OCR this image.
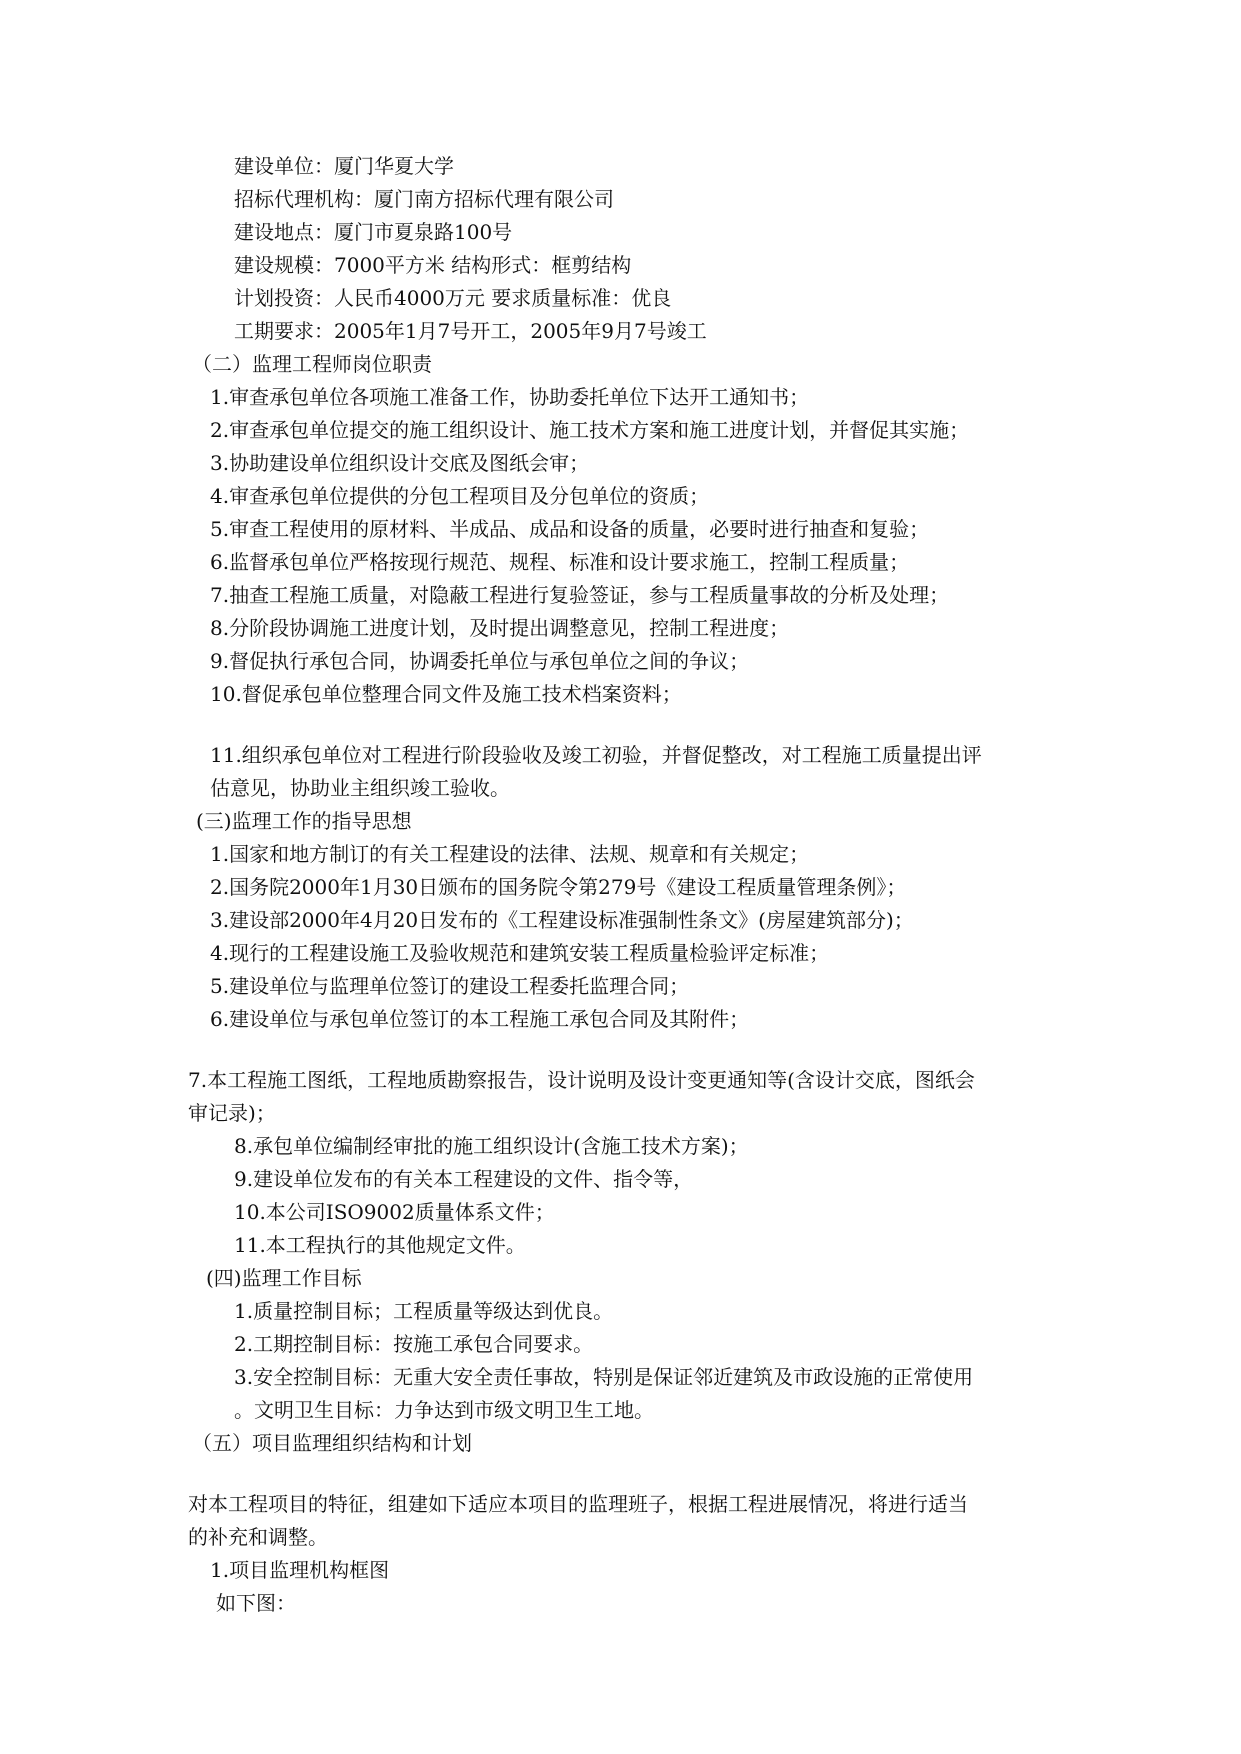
建设单位：厦门华夏大学
招标代理机构：厦门南方招标代理有限公司
建设地点：厦门市夏泉路100号
建设规模：7000平方米 结构形式：框剪结构
计划投资：人民币4000万元 要求质量标准：优良
工期要求：2005年1月7号开工，2005年9月7号竣工
（二）监理工程师岗位职责
1.审查承包单位各项施工准备工作，协助委托单位下达开工通知书；
2.审查承包单位提交的施工组织设计、施工技术方案和施工进度计划，并督促其实施；
3.协助建设单位组织设计交底及图纸会审；
4.审查承包单位提供的分包工程项目及分包单位的资质；
5.审查工程使用的原材料、半成品、成品和设备的质量，必要时进行抽查和复验；
6.监督承包单位严格按现行规范、规程、标准和设计要求施工，控制工程质量；
7.抽查工程施工质量，对隐蔽工程进行复验签证，参与工程质量事故的分析及处理；
8.分阶段协调施工进度计划，及时提出调整意见，控制工程进度；
9.督促执行承包合同，协调委托单位与承包单位之间的争议；
10.督促承包单位整理合同文件及施工技术档案资料；
11.组织承包单位对工程进行阶段验收及竣工初验，并督促整改，对工程施工质量提出评
估意见，协助业主组织竣工验收。
(三)监理工作的指导思想
1.国家和地方制订的有关工程建设的法律、法规、规章和有关规定；
2.国务院2000年1月30日颁布的国务院令第279号《建设工程质量管理条例》；
3.建设部2000年4月20日发布的《工程建设标准强制性条文》(房屋建筑部分)；
4.现行的工程建设施工及验收规范和建筑安装工程质量检验评定标准；
5.建设单位与监理单位签订的建设工程委托监理合同；
6.建设单位与承包单位签订的本工程施工承包合同及其附件；
7.本工程施工图纸，工程地质勘察报告，设计说明及设计变更通知等(含设计交底，图纸会
审记录)；
8.承包单位编制经审批的施工组织设计(含施工技术方案)；
9.建设单位发布的有关本工程建设的文件、指令等，
10.本公司ISO9002质量体系文件；
11.本工程执行的其他规定文件。
(四)监理工作目标
1.质量控制目标；工程质量等级达到优良。
2.工期控制目标：按施工承包合同要求。
3.安全控制目标：无重大安全责任事故，特别是保证邻近建筑及市政设施的正常使用
。文明卫生目标：力争达到市级文明卫生工地。
（五）项目监理组织结构和计划
对本工程项目的特征，组建如下适应本项目的监理班子，根据工程进展情况，将进行适当
的补充和调整。
1.项目监理机构框图
如下图：
